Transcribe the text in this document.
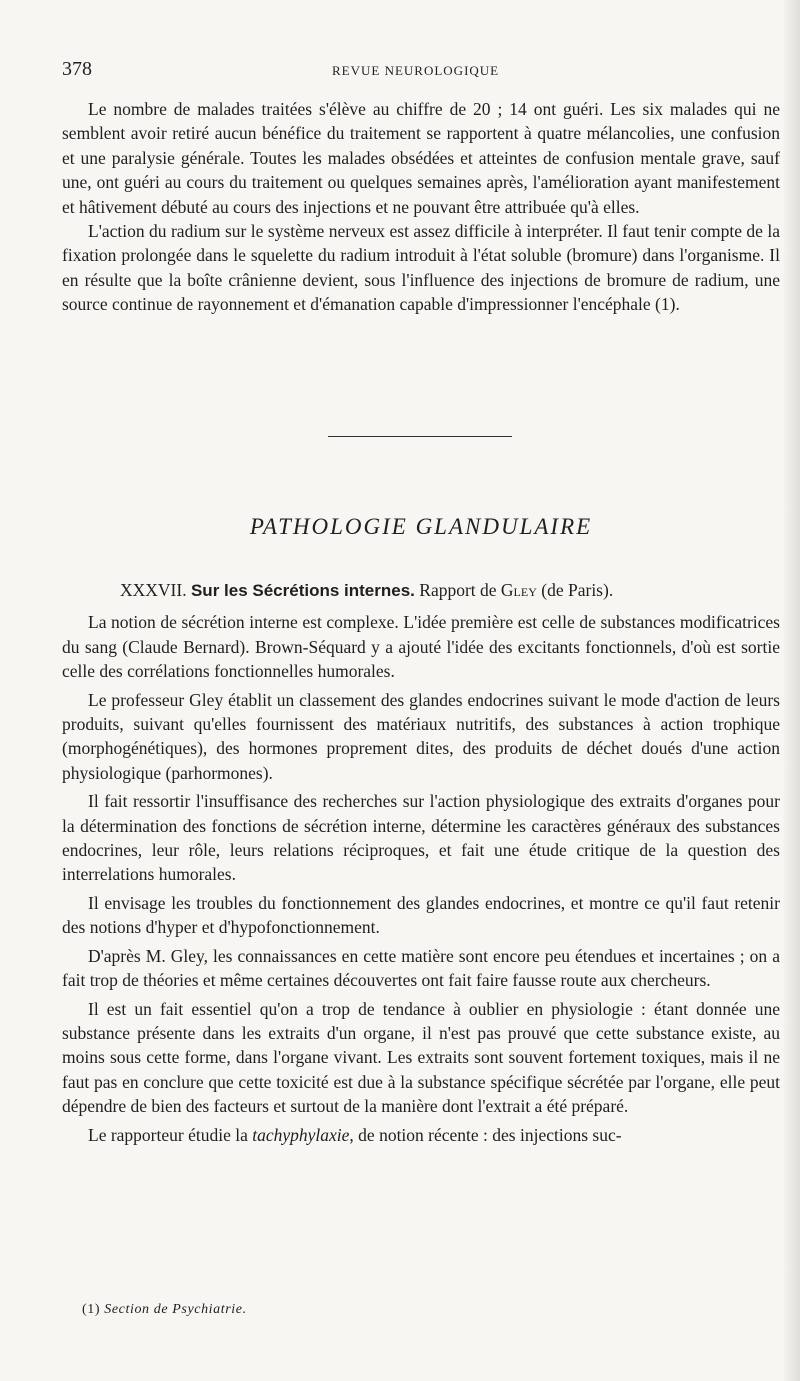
378	REVUE NEUROLOGIQUE

Le nombre de malades traitées s'élève au chiffre de 20 ; 14 ont guéri. Les six malades qui ne semblent avoir retiré aucun bénéfice du traitement se rapportent à quatre mélancolies, une confusion et une paralysie générale. Toutes les malades obsédées et atteintes de confusion mentale grave, sauf une, ont guéri au cours du traitement ou quelques semaines après, l'amélioration ayant manifestement et hâtivement débuté au cours des injections et ne pouvant être attribuée qu'à elles.

L'action du radium sur le système nerveux est assez difficile à interpréter. Il faut tenir compte de la fixation prolongée dans le squelette du radium introduit à l'état soluble (bromure) dans l'organisme. Il en résulte que la boîte crânienne devient, sous l'influence des injections de bromure de radium, une source continue de rayonnement et d'émanation capable d'impressionner l'encéphale (1).

PATHOLOGIE GLANDULAIRE

XXXVII. Sur les Sécrétions internes. Rapport de Gley (de Paris).

La notion de sécrétion interne est complexe. L'idée première est celle de substances modificatrices du sang (Claude Bernard). Brown-Séquard y a ajouté l'idée des excitants fonctionnels, d'où est sortie celle des corrélations fonctionnelles humorales.

Le professeur Gley établit un classement des glandes endocrines suivant le mode d'action de leurs produits, suivant qu'elles fournissent des matériaux nutritifs, des substances à action trophique (morphogénétiques), des hormones proprement dites, des produits de déchet doués d'une action physiologique (parhormones).

Il fait ressortir l'insuffisance des recherches sur l'action physiologique des extraits d'organes pour la détermination des fonctions de sécrétion interne, détermine les caractères généraux des substances endocrines, leur rôle, leurs relations réciproques, et fait une étude critique de la question des interrelations humorales.

Il envisage les troubles du fonctionnement des glandes endocrines, et montre ce qu'il faut retenir des notions d'hyper et d'hypofonctionnement.

D'après M. Gley, les connaissances en cette matière sont encore peu étendues et incertaines ; on a fait trop de théories et même certaines découvertes ont fait faire fausse route aux chercheurs.

Il est un fait essentiel qu'on a trop de tendance à oublier en physiologie : étant donnée une substance présente dans les extraits d'un organe, il n'est pas prouvé que cette substance existe, au moins sous cette forme, dans l'organe vivant. Les extraits sont souvent fortement toxiques, mais il ne faut pas en conclure que cette toxicité est due à la substance spécifique sécrétée par l'organe, elle peut dépendre de bien des facteurs et surtout de la manière dont l'extrait a été préparé.

Le rapporteur étudie la tachyphylaxie, de notion récente : des injections suc-

(1) Section de Psychiatrie.
